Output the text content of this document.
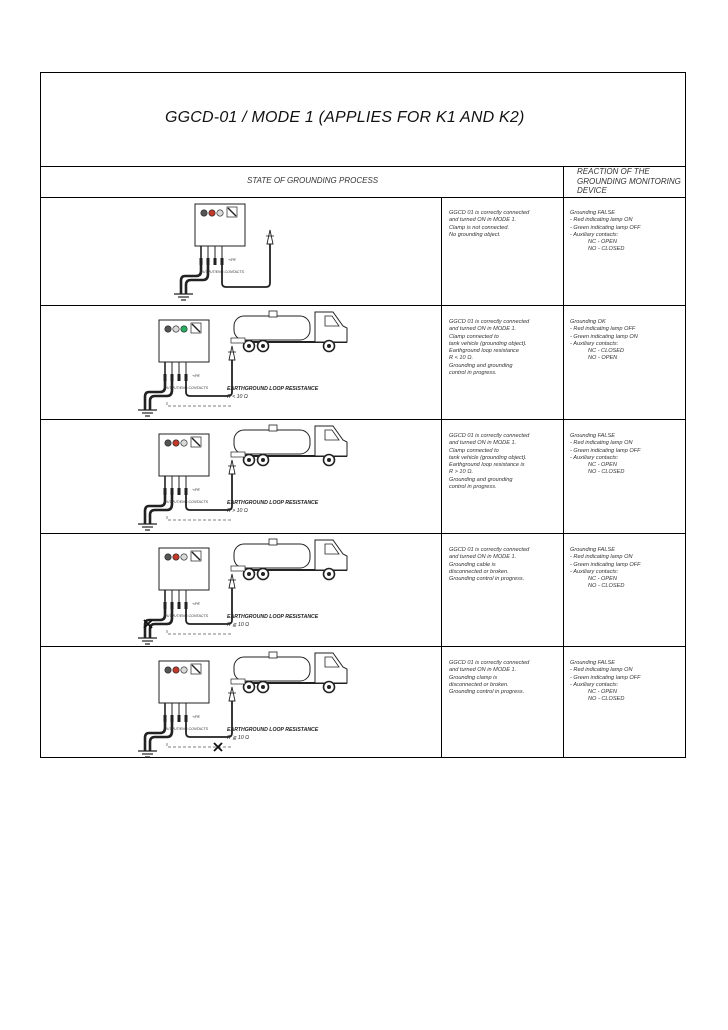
GGCD-01 / MODE 1 (APPLIES FOR K1 AND K2)
STATE OF GROUNDING PROCESS
REACTION OF THE
GROUNDING MONITORING
DEVICE
OUTPUT/ENG CONTACTS
+/PE
GGCD 01 is correctly connected
and turned ON in MODE 1.
Clamp is not connected.
No grounding object.
Grounding FALSE
- Red indicating lamp ON
- Green indicating lamp OFF
- Auxiliary contacts:
NC - OPEN
NO - CLOSED
OUTPUT/ENG CONTACTS
+/PE
EARTHGROUND LOOP RESISTANCE
R < 10 Ω
GGCD 01 is correctly connected
and turned ON in MODE 1.
Clamp connected to
tank vehicle (grounding object).
Earthground loop resistance
R < 10 Ω.
Grounding and grounding
control in progress.
Grounding OK
- Red indicating lamp OFF
- Green indicating lamp ON
- Auxiliary contacts:
NC - CLOSED
NO - OPEN
OUTPUT/ENG CONTACTS
+/PE
EARTHGROUND LOOP RESISTANCE
R > 10 Ω
GGCD 01 is correctly connected
and turned ON in MODE 1.
Clamp connected to
tank vehicle (grounding object).
Earthground loop resistance is
R > 10 Ω.
Grounding and grounding
control in progress.
Grounding FALSE
- Red indicating lamp ON
- Green indicating lamp OFF
- Auxiliary contacts:
NC - OPEN
NO - CLOSED
OUTPUT/ENG CONTACTS
+/PE
EARTHGROUND LOOP RESISTANCE
R ≧ 10 Ω
GGCD 01 is correctly connected
and turned ON in MODE 1.
Grounding cable is
disconnected or broken.
Grounding control in progress.
Grounding FALSE
- Red indicating lamp ON
- Green indicating lamp OFF
- Auxiliary contacts:
NC - OPEN
NO - CLOSED
OUTPUT/ENG CONTACTS
+/PE
EARTHGROUND LOOP RESISTANCE
R ≧ 10 Ω
GGCD 01 is correctly connected
and turned ON in MODE 1.
Grounding clamp is
disconnected or broken.
Grounding control in progress.
Grounding FALSE
- Red indicating lamp ON
- Green indicating lamp OFF
- Auxiliary contacts:
NC - OPEN
NO - CLOSED
